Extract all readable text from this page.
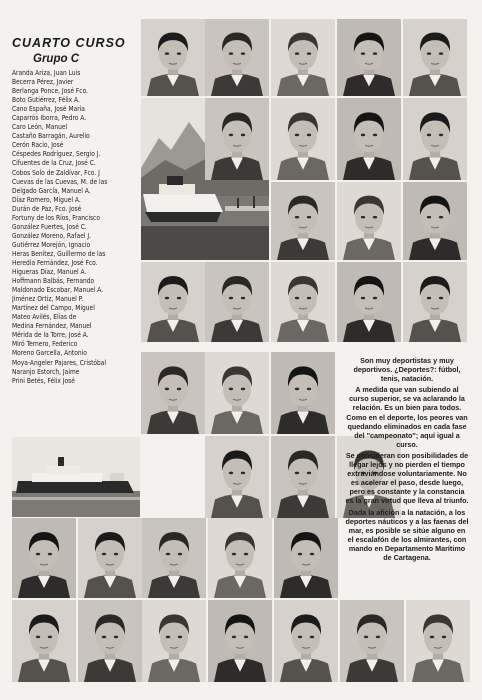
CUARTO CURSO
Grupo C
Aranda Ariza, Juan Luis
Becerra Pérez, Javier
Berlanga Ponce, José Fco.
Boto Gutiérrez, Félix A.
Cano España, José María
Caparrós Iborra, Pedro A.
Caro León, Manuel
Castaño Barragán, Aurelio
Cerón Racio, José
Céspedes Rodríguez, Sergio J.
Cifuentes de la Cruz, José C.
Cobos Solo de Zaldívar, Fco. J
Cuevas de las Cuevas, M. de las
Delgado García, Manuel A.
Díaz Romero, Miguel A.
Durán de Paz, Fco. José
Fortuny de los Ríos, Francisco
González Fuertes, José C.
González Moreno, Rafael J.
Gutiérrez Morejón, Ignacio
Heras Benítez, Guillermo de las
Heredia Fernández, José Fco.
Higueras Díaz, Manuel A.
Hoffmann Balbás, Fernando
Maldonado Escobar, Manuel A.
Jiménez Ortiz, Manuel P.
Martínez del Campo, Miguel
Mateo Avilés, Elías de
Medina Fernández, Manuel
Mérida de la Torre, José A.
Miró Ternero, Federico
Moreno Garcella, Antonio
Moya-Angeler Pajares, Cristóbal
Naranjo Estorch, Jaime
Prini Betés, Félix José

Son muy deportistas y muy deportivos. ¿Deportes?: fútbol, tenis, natación.

A medida que van subiendo al curso superior, se va aclarando la relación. Es un bien para todos. Como en el deporte, los peores van quedando eliminados en cada fase del "campeonato"; aquí igual a curso.

Se consideran con posibilidades de llegar lejos y no pierden el tiempo extraviándose voluntariamente. No es acelerar el paso, desde luego, pero es constante y la constancia es la gran virtud que lleva al triunfo.

Dada la afición a la natación, a los deportes náuticos y a las faenas del mar, es posible se sitúe alguno en el escalafón de los almirantes, con mando en Departamento Marítimo de Cartagena.
